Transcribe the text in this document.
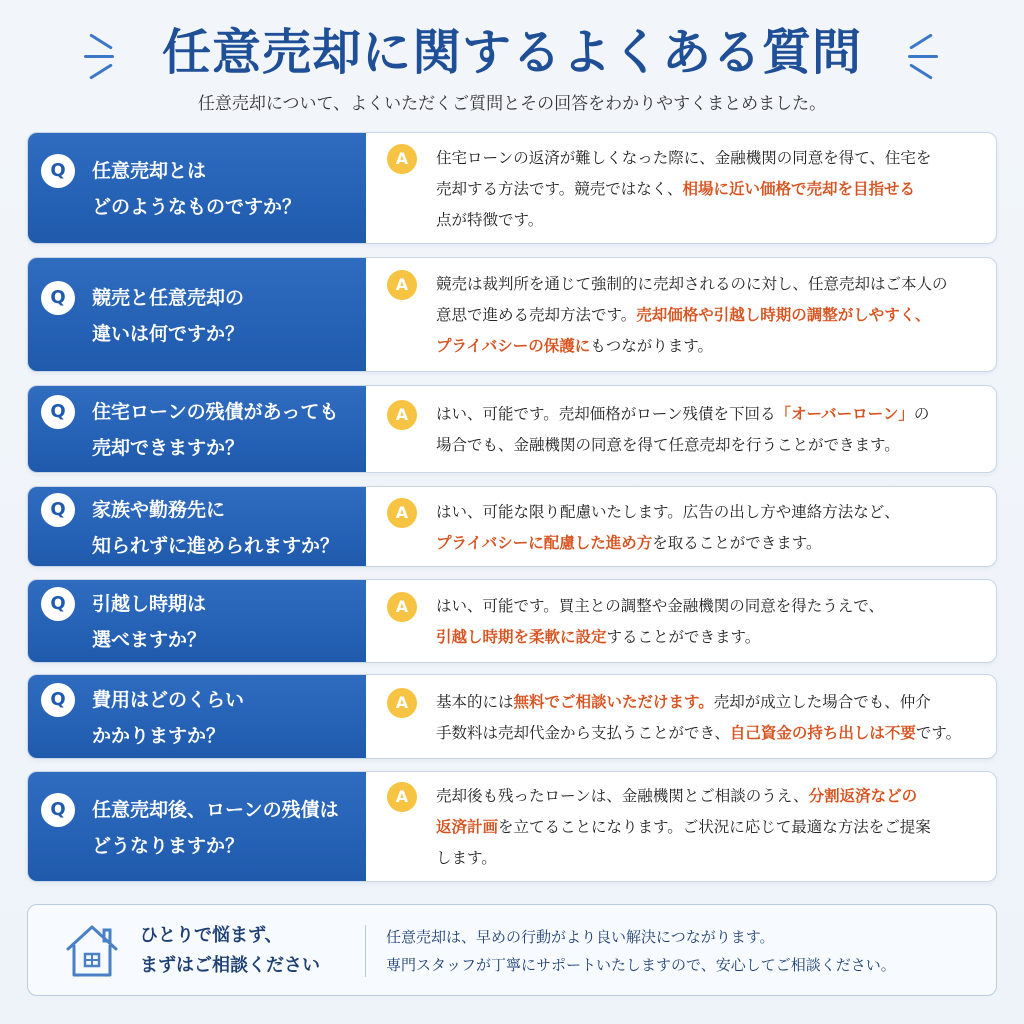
任意売却に関するよくある質問

任意売却について、よくいただくご質問とその回答をわかりやすくまとめました。

Q	任意売却とは
どのようなものですか？
A	住宅ローンの返済が難しくなった際に、金融機関の同意を得て、住宅を
売却する方法です。競売ではなく、相場に近い価格で売却を目指せる
点が特徴です。
Q	競売と任意売却の
違いは何ですか？
A	競売は裁判所を通じて強制的に売却されるのに対し、任意売却はご本人の
意思で進める売却方法です。売却価格や引越し時期の調整がしやすく、
プライバシーの保護にもつながります。
Q	住宅ローンの残債があっても
売却できますか？
A	はい、可能です。売却価格がローン残債を下回る「オーバーローン」の
場合でも、金融機関の同意を得て任意売却を行うことができます。
Q	家族や勤務先に
知られずに進められますか？
A	はい、可能な限り配慮いたします。広告の出し方や連絡方法など、
プライバシーに配慮した進め方を取ることができます。
Q	引越し時期は
選べますか？
A	はい、可能です。買主との調整や金融機関の同意を得たうえで、
引越し時期を柔軟に設定することができます。
Q	費用はどのくらい
かかりますか？
A	基本的には無料でご相談いただけます。売却が成立した場合でも、仲介
手数料は売却代金から支払うことができ、自己資金の持ち出しは不要です。
Q	任意売却後、ローンの残債は
どうなりますか？
A	売却後も残ったローンは、金融機関とご相談のうえ、分割返済などの
返済計画を立てることになります。ご状況に応じて最適な方法をご提案
します。
ひとりで悩まず、
まずはご相談ください
任意売却は、早めの行動がより良い解決につながります。
専門スタッフが丁寧にサポートいたしますので、安心してご相談ください。
